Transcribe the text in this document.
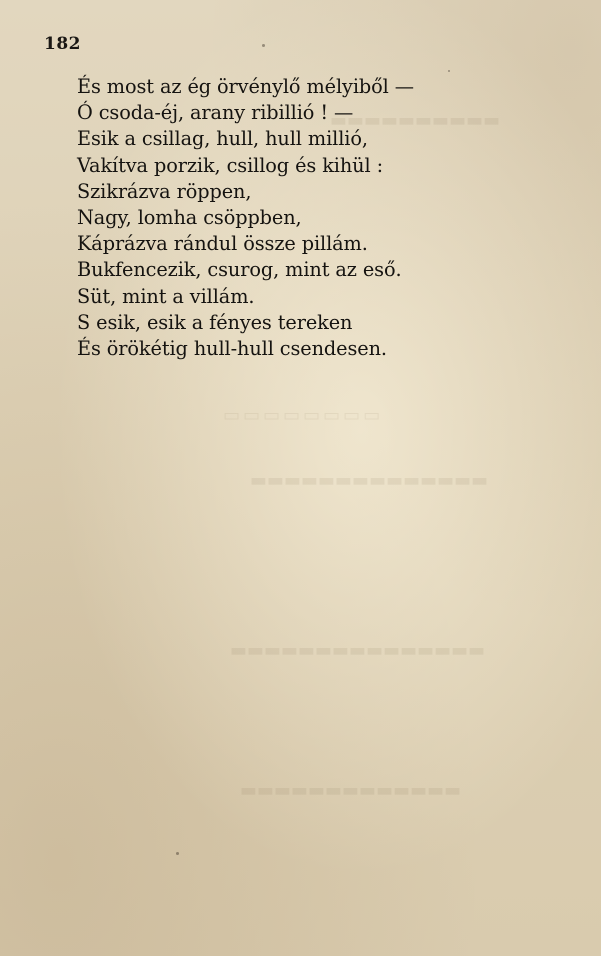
▭▭▭▭▭▭▭▭
▬▬▬▬▬▬▬▬▬▬
▬▬▬▬▬▬▬▬▬▬▬▬▬▬
▬▬▬▬▬▬▬▬▬▬▬▬▬▬▬
▬▬▬▬▬▬▬▬▬▬▬▬▬
182
És most az ég örvénylő mélyiből —
Ó csoda-éj, arany ribillió ! —
Esik a csillag, hull, hull millió,
Vakítva porzik, csillog és kihül :
Szikrázva röppen,
Nagy, lomha csöppben,
Káprázva rándul össze pillám.
Bukfencezik, csurog, mint az eső.
Süt, mint a villám.
S esik, esik a fényes tereken
És örökétig hull-hull csendesen.
